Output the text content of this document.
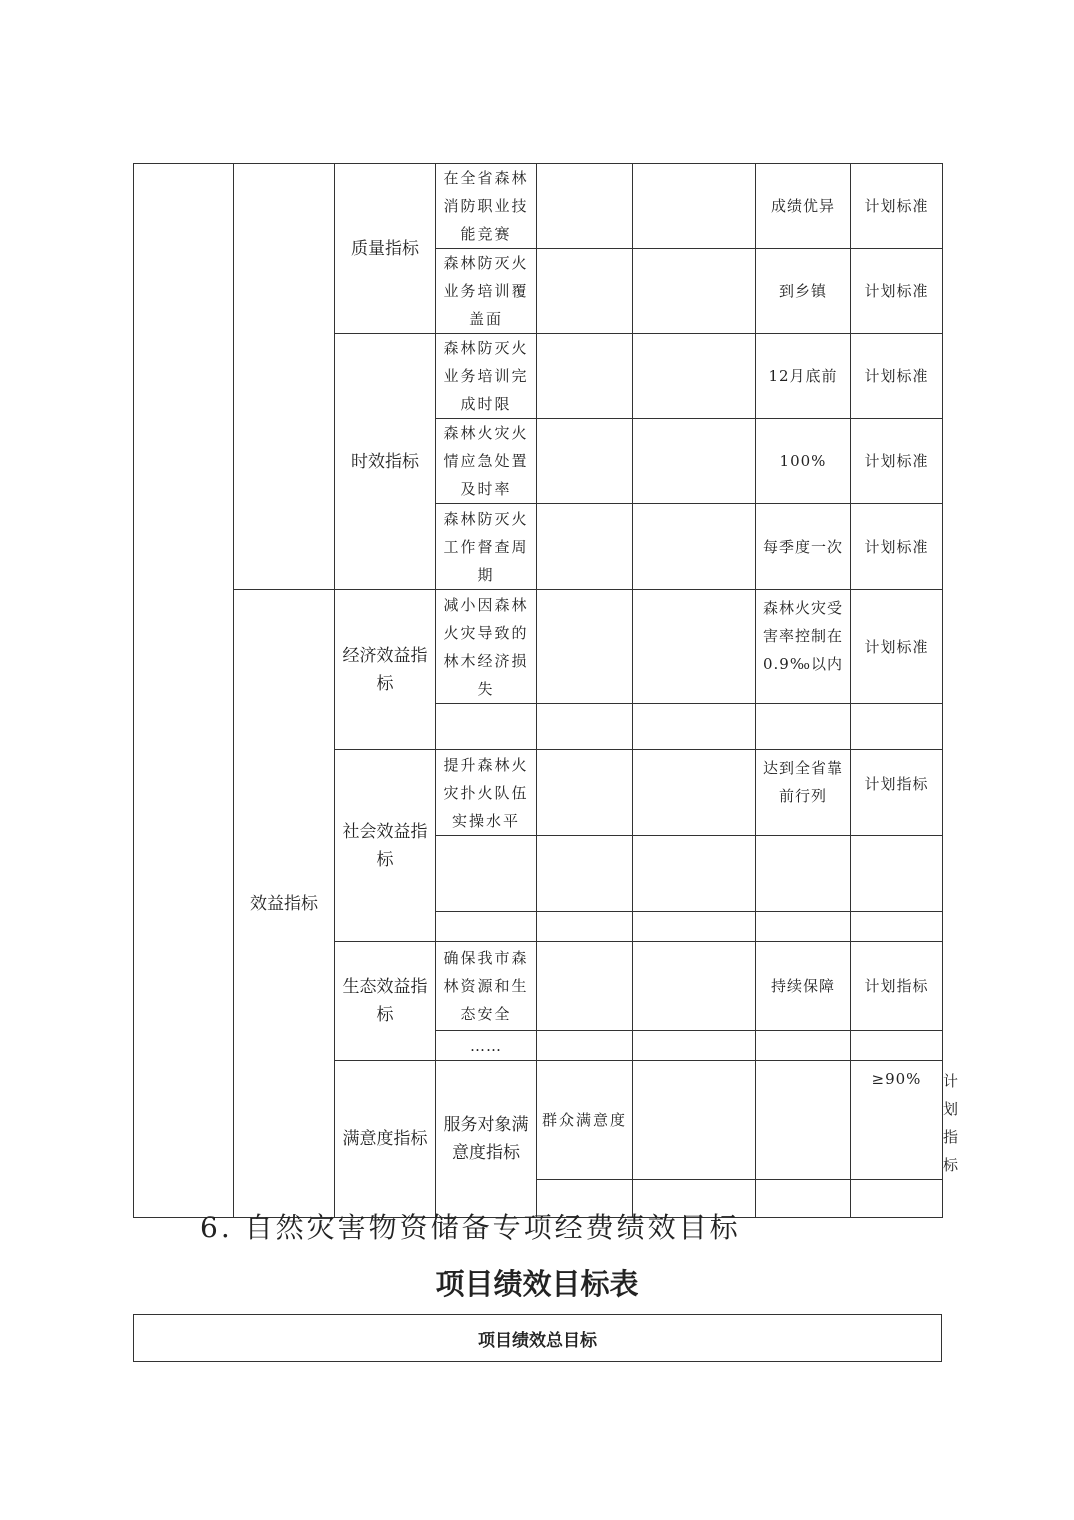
		质量指标	在全省森林消防职业技能竞赛			成绩优异	计划标准	
			森林防灭火业务培训覆盖面			到乡镇	计划标准	
		时效指标	森林防灭火业务培训完成时限			12月底前	计划标准	
			森林火灾火情应急处置及时率			100%	计划标准	
			森林防灭火工作督查周期			每季度一次	计划标准	
	效益指标	经济效益指标	减小因森林火灾导致的林木经济损失			森林火灾受害率控制在0.9‰以内	计划标准	

		社会效益指标	提升森林火灾扑火队伍实操水平			达到全省靠前行列	计划指标	

		生态效益指标	确保我市森林资源和生态安全			持续保障	计划指标	
			……					
		满意度指标	服务对象满意度指标	群众满意度			≥90%	计划指标

6. 自然灾害物资储备专项经费绩效目标
项目绩效目标表
项目绩效总目标
